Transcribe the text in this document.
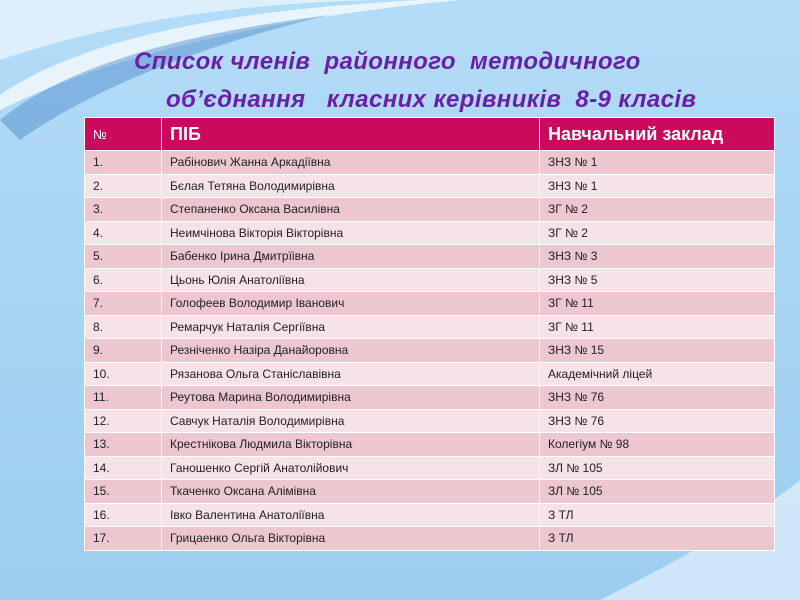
Список членів  районного  методичного

об’єднання   класних керівників  8-9 класів

№	ПІБ	Навчальний заклад
1.	Рабінович Жанна Аркадіївна	ЗНЗ № 1
2.	Бєлая Тетяна Володимирівна	ЗНЗ № 1
3.	Степаненко Оксана Василівна	ЗГ № 2
4.	Неимчінова Вікторія Вікторівна	ЗГ № 2
5.	Бабенко Ірина Дмитрїівна	ЗНЗ № 3
6.	Цьонь Юлія Анатоліївна	ЗНЗ № 5
7.	Голофеев Володимир Іванович	ЗГ № 11
8.	Ремарчук Наталія Сергіївна	ЗГ № 11
9.	Резніченко Назіра Данайоровна	ЗНЗ № 15
10.	Рязанова Ольга Станіславівна	Академічний ліцей
11.	Реутова Марина Володимирівна	ЗНЗ № 76
12.	Савчук Наталія Володимирівна	ЗНЗ № 76
13.	Крестнікова Людмила Вікторівна	Колегіум № 98
14.	Ганошенко Сергій Анатолійович	ЗЛ № 105
15.	Ткаченко Оксана Алімівна	ЗЛ № 105
16.	Івко Валентина Анатоліївна	З ТЛ
17.	Грицаенко Ольга Вікторівна	З ТЛ
